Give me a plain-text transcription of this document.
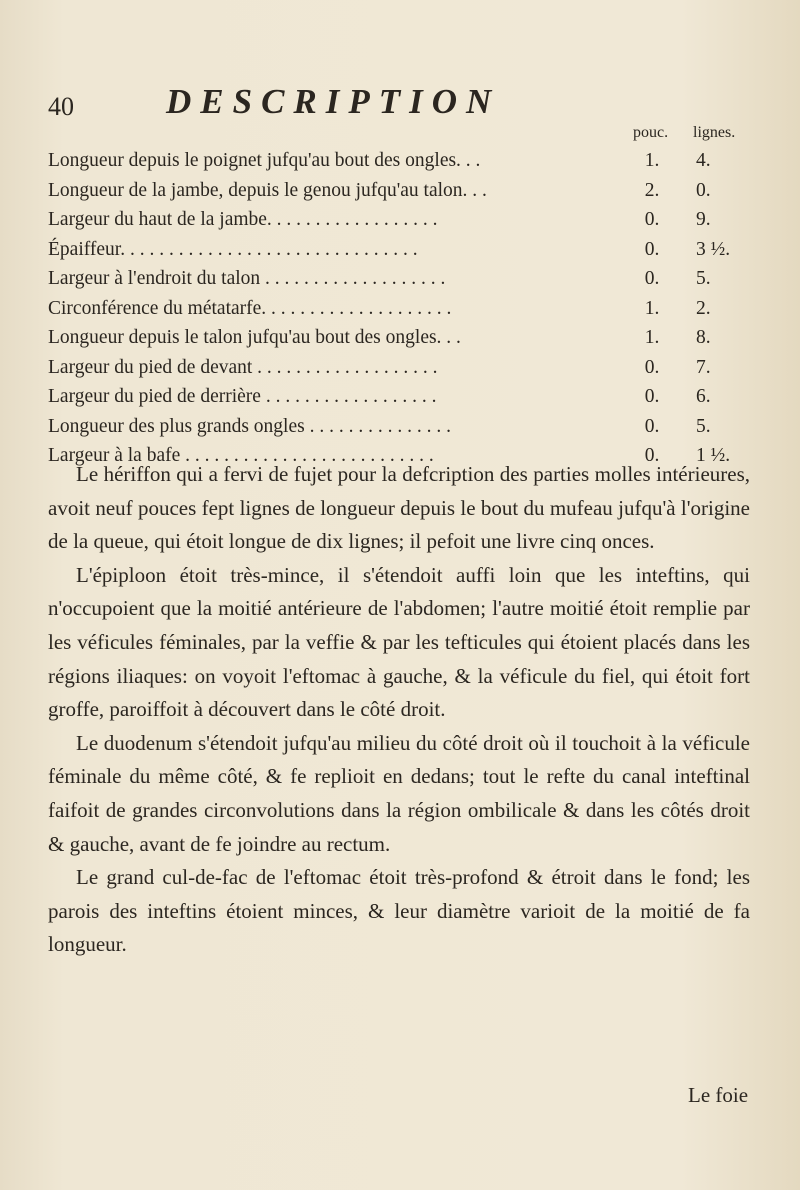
40	DESCRIPTION
pouc. lignes.
Longueur depuis le poignet jufqu'au bout des ongles. . .	1. 4.
Longueur de la jambe, depuis le genou jufqu'au talon. . .	2. 0.
Largeur du haut de la jambe. . . . . . . . . . . . . . . . . .	0. 9.
Épaiffeur. . . . . . . . . . . . . . . . . . . . . . . . . . . . . . .	0. 3 ½.
Largeur à l'endroit du talon . . . . . . . . . . . . . . . . . . .	0. 5.
Circonférence du métatarfe. . . . . . . . . . . . . . . . . . . .	1. 2.
Longueur depuis le talon jufqu'au bout des ongles. . .	1. 8.
Largeur du pied de devant . . . . . . . . . . . . . . . . . . .	0. 7.
Largeur du pied de derrière . . . . . . . . . . . . . . . . . .	0. 6.
Longueur des plus grands ongles . . . . . . . . . . . . . . .	0. 5.
Largeur à la bafe . . . . . . . . . . . . . . . . . . . . . . . . . .	0. 1 ½.

Le hériffon qui a fervi de fujet pour la defcription des parties molles intérieures, avoit neuf pouces fept lignes de longueur depuis le bout du mufeau jufqu'à l'origine de la queue, qui étoit longue de dix lignes; il pefoit une livre cinq onces.

L'épiploon étoit très-mince, il s'étendoit auffi loin que les inteftins, qui n'occupoient que la moitié antérieure de l'abdomen; l'autre moitié étoit remplie par les véficules féminales, par la veffie & par les tefticules qui étoient placés dans les régions iliaques: on voyoit l'eftomac à gauche, & la véficule du fiel, qui étoit fort groffe, paroiffoit à découvert dans le côté droit.

Le duodenum s'étendoit jufqu'au milieu du côté droit où il touchoit à la véficule féminale du même côté, & fe replioit en dedans; tout le refte du canal inteftinal faifoit de grandes circonvolutions dans la région ombilicale & dans les côtés droit & gauche, avant de fe joindre au rectum.

Le grand cul-de-fac de l'eftomac étoit très-profond & étroit dans le fond; les parois des inteftins étoient minces, & leur diamètre varioit de la moitié de fa longueur.

Le foie
